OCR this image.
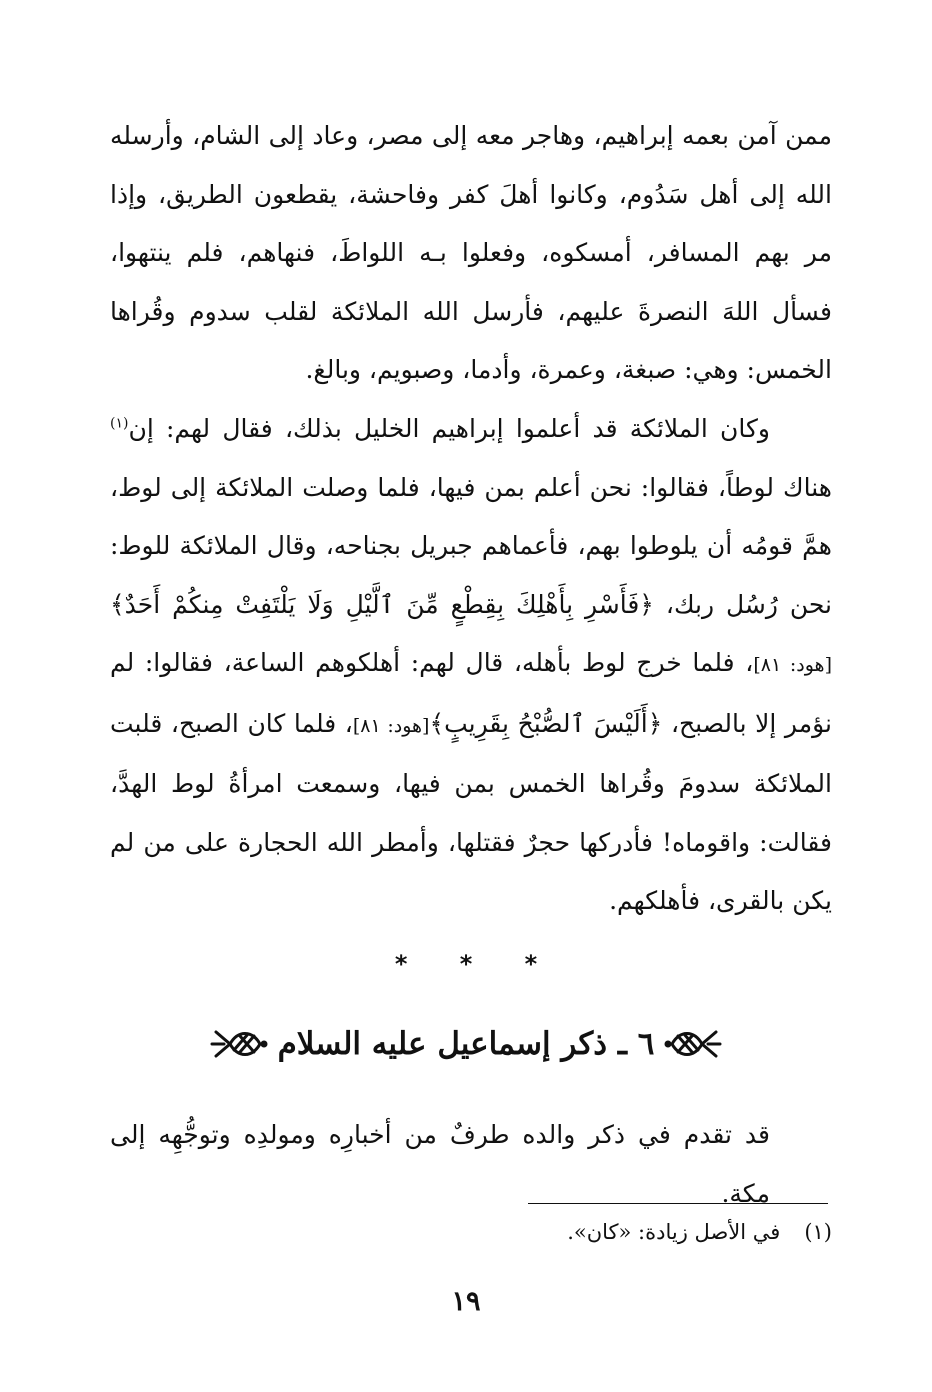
ممن آمن بعمه إبراهيم، وهاجر معه إلى مصر، وعاد إلى الشام، وأرسله الله إلى أهل سَدُوم، وكانوا أهلَ كفر وفاحشة، يقطعون الطريق، وإذا مر بهم المسافر، أمسكوه، وفعلوا بـه اللواطَ، فنهاهم، فلم ينتهوا، فسأل اللهَ النصرةَ عليهم، فأرسل الله الملائكة لقلب سدوم وقُراها الخمس: وهي: صبغة، وعمرة، وأدما، وصبويم، وبالغ.

وكان الملائكة قد أعلموا إبراهيم الخليل بذلك، فقال لهم: إن$^{(١)}$ هناك لوطاً، فقالوا: نحن أعلم بمن فيها، فلما وصلت الملائكة إلى لوط، همَّ قومُه أن يلوطوا بهم، فأعماهم جبريل بجناحه، وقال الملائكة للوط: نحن رُسُل ربك، ﴿فَأَسْرِ بِأَهْلِكَ بِقِطْعٍ مِّنَ ٱلَّيْلِ وَلَا يَلْتَفِتْ مِنكُمْ أَحَدٌ﴾ [هود: ٨١]، فلما خرج لوط بأهله، قال لهم: أهلكوهم الساعة، فقالوا: لم نؤمر إلا بالصبح، ﴿أَلَيْسَ ٱلصُّبْحُ بِقَرِيبٍ﴾[هود: ٨١]، فلما كان الصبح، قلبت الملائكة سدومَ وقُراها الخمس بمن فيها، وسمعت امرأةُ لوط الهدَّ، فقالت: واقوماه! فأدركها حجرٌ فقتلها، وأمطر الله الحجارة على من لم يكن بالقرى، فأهلكهم.

* * *
٦ ـ ذكر إسماعيل عليه السلام

قد تقدم في ذكر والده طرفٌ من أخبارِه ومولدِه وتوجُّهِه إلى مكة.

(١)في الأصل زيادة: «كان».
١٩
